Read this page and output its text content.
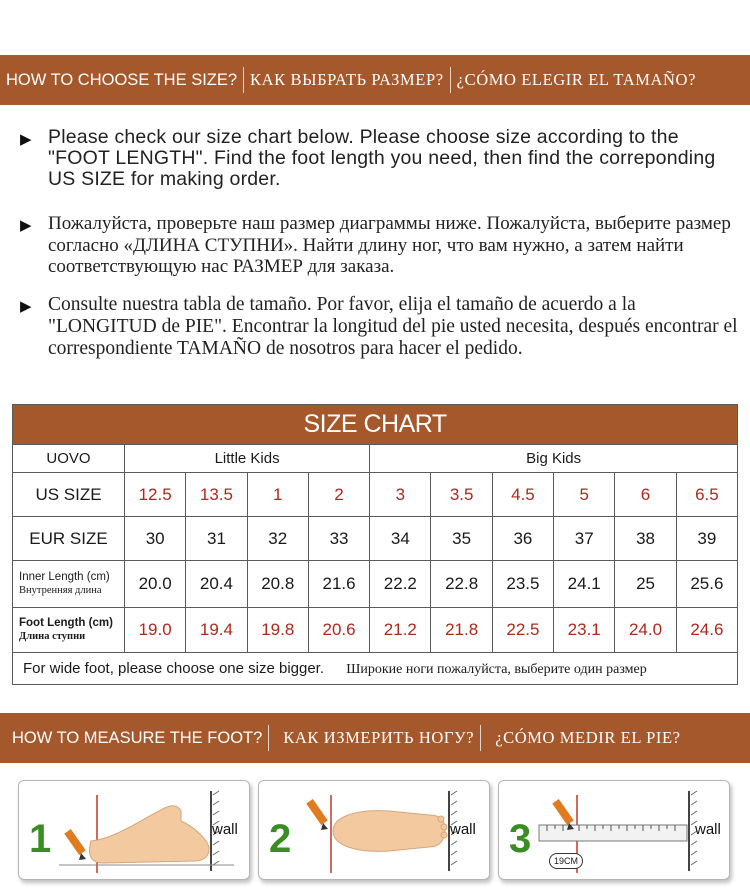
HOW TO CHOOSE THE SIZE? КАК ВЫБРАТЬ РАЗМЕР? ¿CÓMO ELEGIR EL TAMAÑO?
▶ Please check our size chart below. Please choose size according to the "FOOT LENGTH". Find the foot length you need, then find the correponding US SIZE for making order.
▶ Пожалуйста, проверьте наш размер диаграммы ниже. Пожалуйста, выберите размер согласно «ДЛИНА СТУПНИ». Найти длину ног, что вам нужно, а затем найти соответствующую нас РАЗМЕР для заказа.
▶ Consulte nuestra tabla de tamaño. Por favor, elija el tamaño de acuerdo a la "LONGITUD de PIE". Encontrar la longitud del pie usted necesita, después encontrar el correspondiente TAMAÑO de nosotros para hacer el pedido.
SIZE CHART										
UOVO	Little Kids				Big Kids					
US SIZE	12.5	13.5	1	2	3	3.5	4.5	5	6	6.5
EUR SIZE	30	31	32	33	34	35	36	37	38	39

Inner Length (cm)
Внутренняя длина	20.0	20.4	20.8	21.6	22.2	22.8	23.5	24.1	25	25.6

Foot Length (cm)
Длина ступни	19.0	19.4	19.8	20.6	21.2	21.8	22.5	23.1	24.0	24.6
For wide foot, please choose one size bigger. Широкие ноги пожалуйста, выберите один размер										
HOW TO MEASURE THE FOOT?	КАК ИЗМЕРИТЬ НОГУ?	¿CÓMO MEDIR EL PIE?
1	wall 2	wall 3	19CM
wall
